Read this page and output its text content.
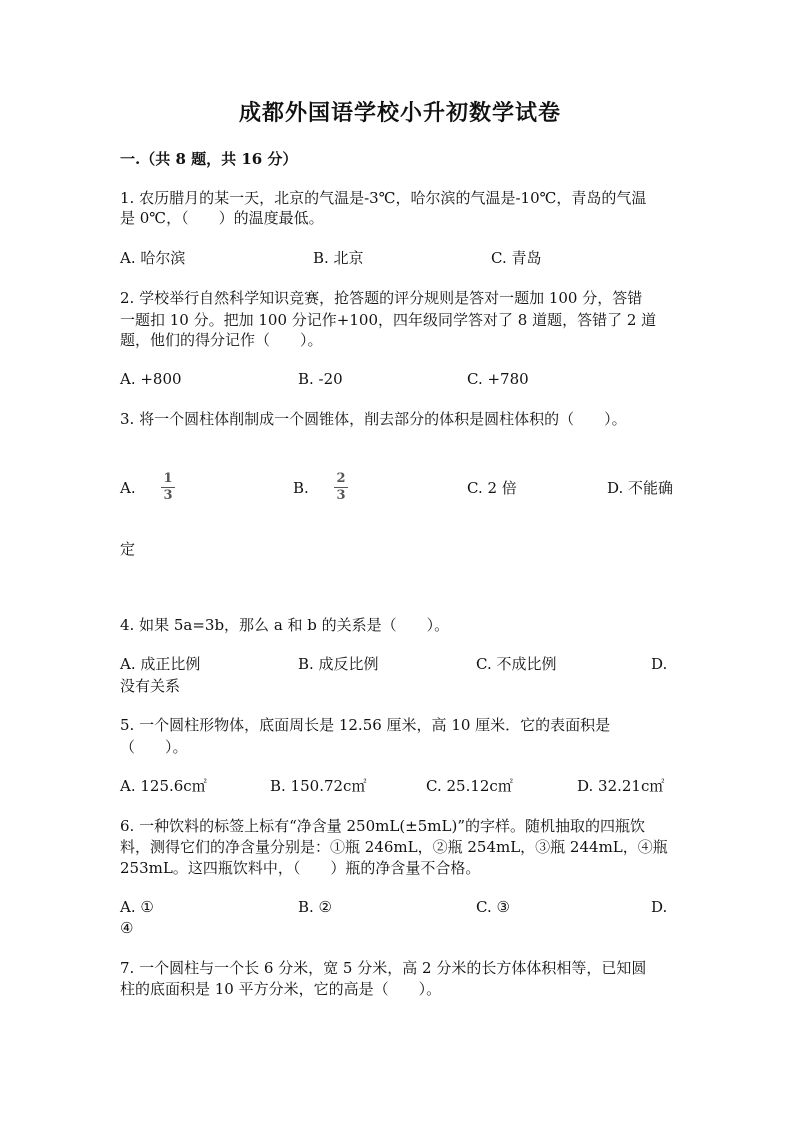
成都外国语学校小升初数学试卷
一.（共 8 题，共 16 分）
1. 农历腊月的某一天，北京的气温是-3℃，哈尔滨的气温是-10℃，青岛的气温
是 0℃，（　　）的温度最低。
A. 哈尔滨	B. 北京	C. 青岛
2. 学校举行自然科学知识竞赛，抢答题的评分规则是答对一题加 100 分，答错
一题扣 10 分。把加 100 分记作+100，四年级同学答对了 8 道题，答错了 2 道
题，他们的得分记作（　　）。
A. +800	B. -20	C. +780
3. 将一个圆柱体削制成一个圆锥体，削去部分的体积是圆柱体积的（　　）。
A.
1
3	B.
2
3	C. 2 倍	D. 不能确
定
4. 如果 5a=3b，那么 a 和 b 的关系是（　　）。
A. 成正比例	B. 成反比例	C. 不成比例	D.
没有关系
5. 一个圆柱形物体，底面周长是 12.56 厘米，高 10 厘米．它的表面积是
（　　）。
A. 125.6c㎡	B. 150.72c㎡	C. 25.12c㎡	D. 32.21c㎡
6. 一种饮料的标签上标有“净含量 250mL(±5mL)”的字样。随机抽取的四瓶饮
料，测得它们的净含量分别是：①瓶 246mL，②瓶 254mL，③瓶 244mL，④瓶
253mL。这四瓶饮料中，（　　）瓶的净含量不合格。
A. ①	B. ②	C. ③	D.
④
7. 一个圆柱与一个长 6 分米，宽 5 分米，高 2 分米的长方体体积相等，已知圆
柱的底面积是 10 平方分米，它的高是（　　）。
